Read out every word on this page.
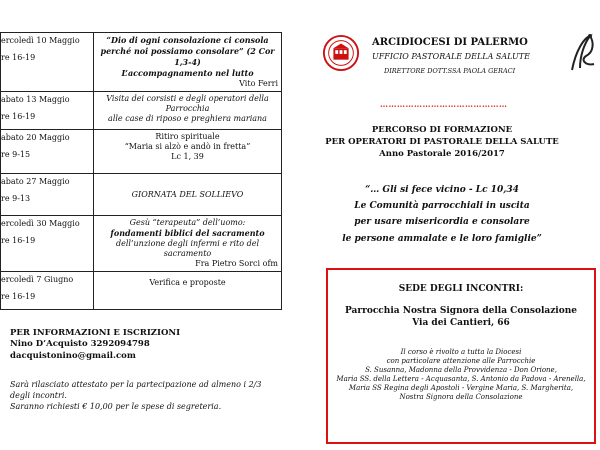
ercoledì 10 Maggio
re 16-19	“Dio di ogni consolazione ci consola
perché noi possiamo consolare” (2 Cor 1,3-4)
L’accompagnamento nel lutto
Vito Ferri

abato 13 Maggio
re 16-19	Visita dei corsisti e degli operatori della Parrocchia
alle case di riposo e preghiera mariana

abato 20 Maggio
re 9-15	Ritiro spirituale
“Maria si alzò e andò in fretta”
Lc 1, 39

abato 27 Maggio
re 9-13	GIORNATA DEL SOLLIEVO

ercoledì 30 Maggio
re 16-19	Gesù “terapeuta” dell’uomo:
fondamenti biblici del sacramento
dell’unzione degli infermi e rito del sacramento
Fra Pietro Sorci ofm

ercoledì 7 Giugno
re 16-19	Verifica e proposte
PER INFORMAZIONI E ISCRIZIONI
Nino D’Acquisto 3292094798
dacquistonino@gmail.com
Sarà rilasciato attestato per la partecipazione ad almeno i 2/3 degli incontri.
Saranno richiesti € 10,00 per le spese di segreteria.
ARCIDIOCESI DI PALERMO
UFFICIO PASTORALE DELLA SALUTE
DIRETTORE DOTT.SSA PAOLA GERACI
………………………………………
PERCORSO DI FORMAZIONE
PER OPERATORI DI PASTORALE DELLA SALUTE
Anno Pastorale 2016/2017
“… Gli si fece vicino - Lc 10,34
Le Comunità parrocchiali in uscita
per usare misericordia e consolare
le persone ammalate e le loro famiglie”
SEDE DEGLI INCONTRI:
Parrocchia Nostra Signora della Consolazione
Via dei Cantieri, 66
Il corso è rivolto a tutta la Diocesi
con particolare attenzione alle Parrocchie
S. Susanna, Madonna della Provvidenza - Don Orione,
Maria SS. della Lettera - Acquasanta, S. Antonio da Padova - Arenella,
Maria SS Regina degli Apostoli - Vergine Maria, S. Margherita,
Nostra Signora della Consolazione
